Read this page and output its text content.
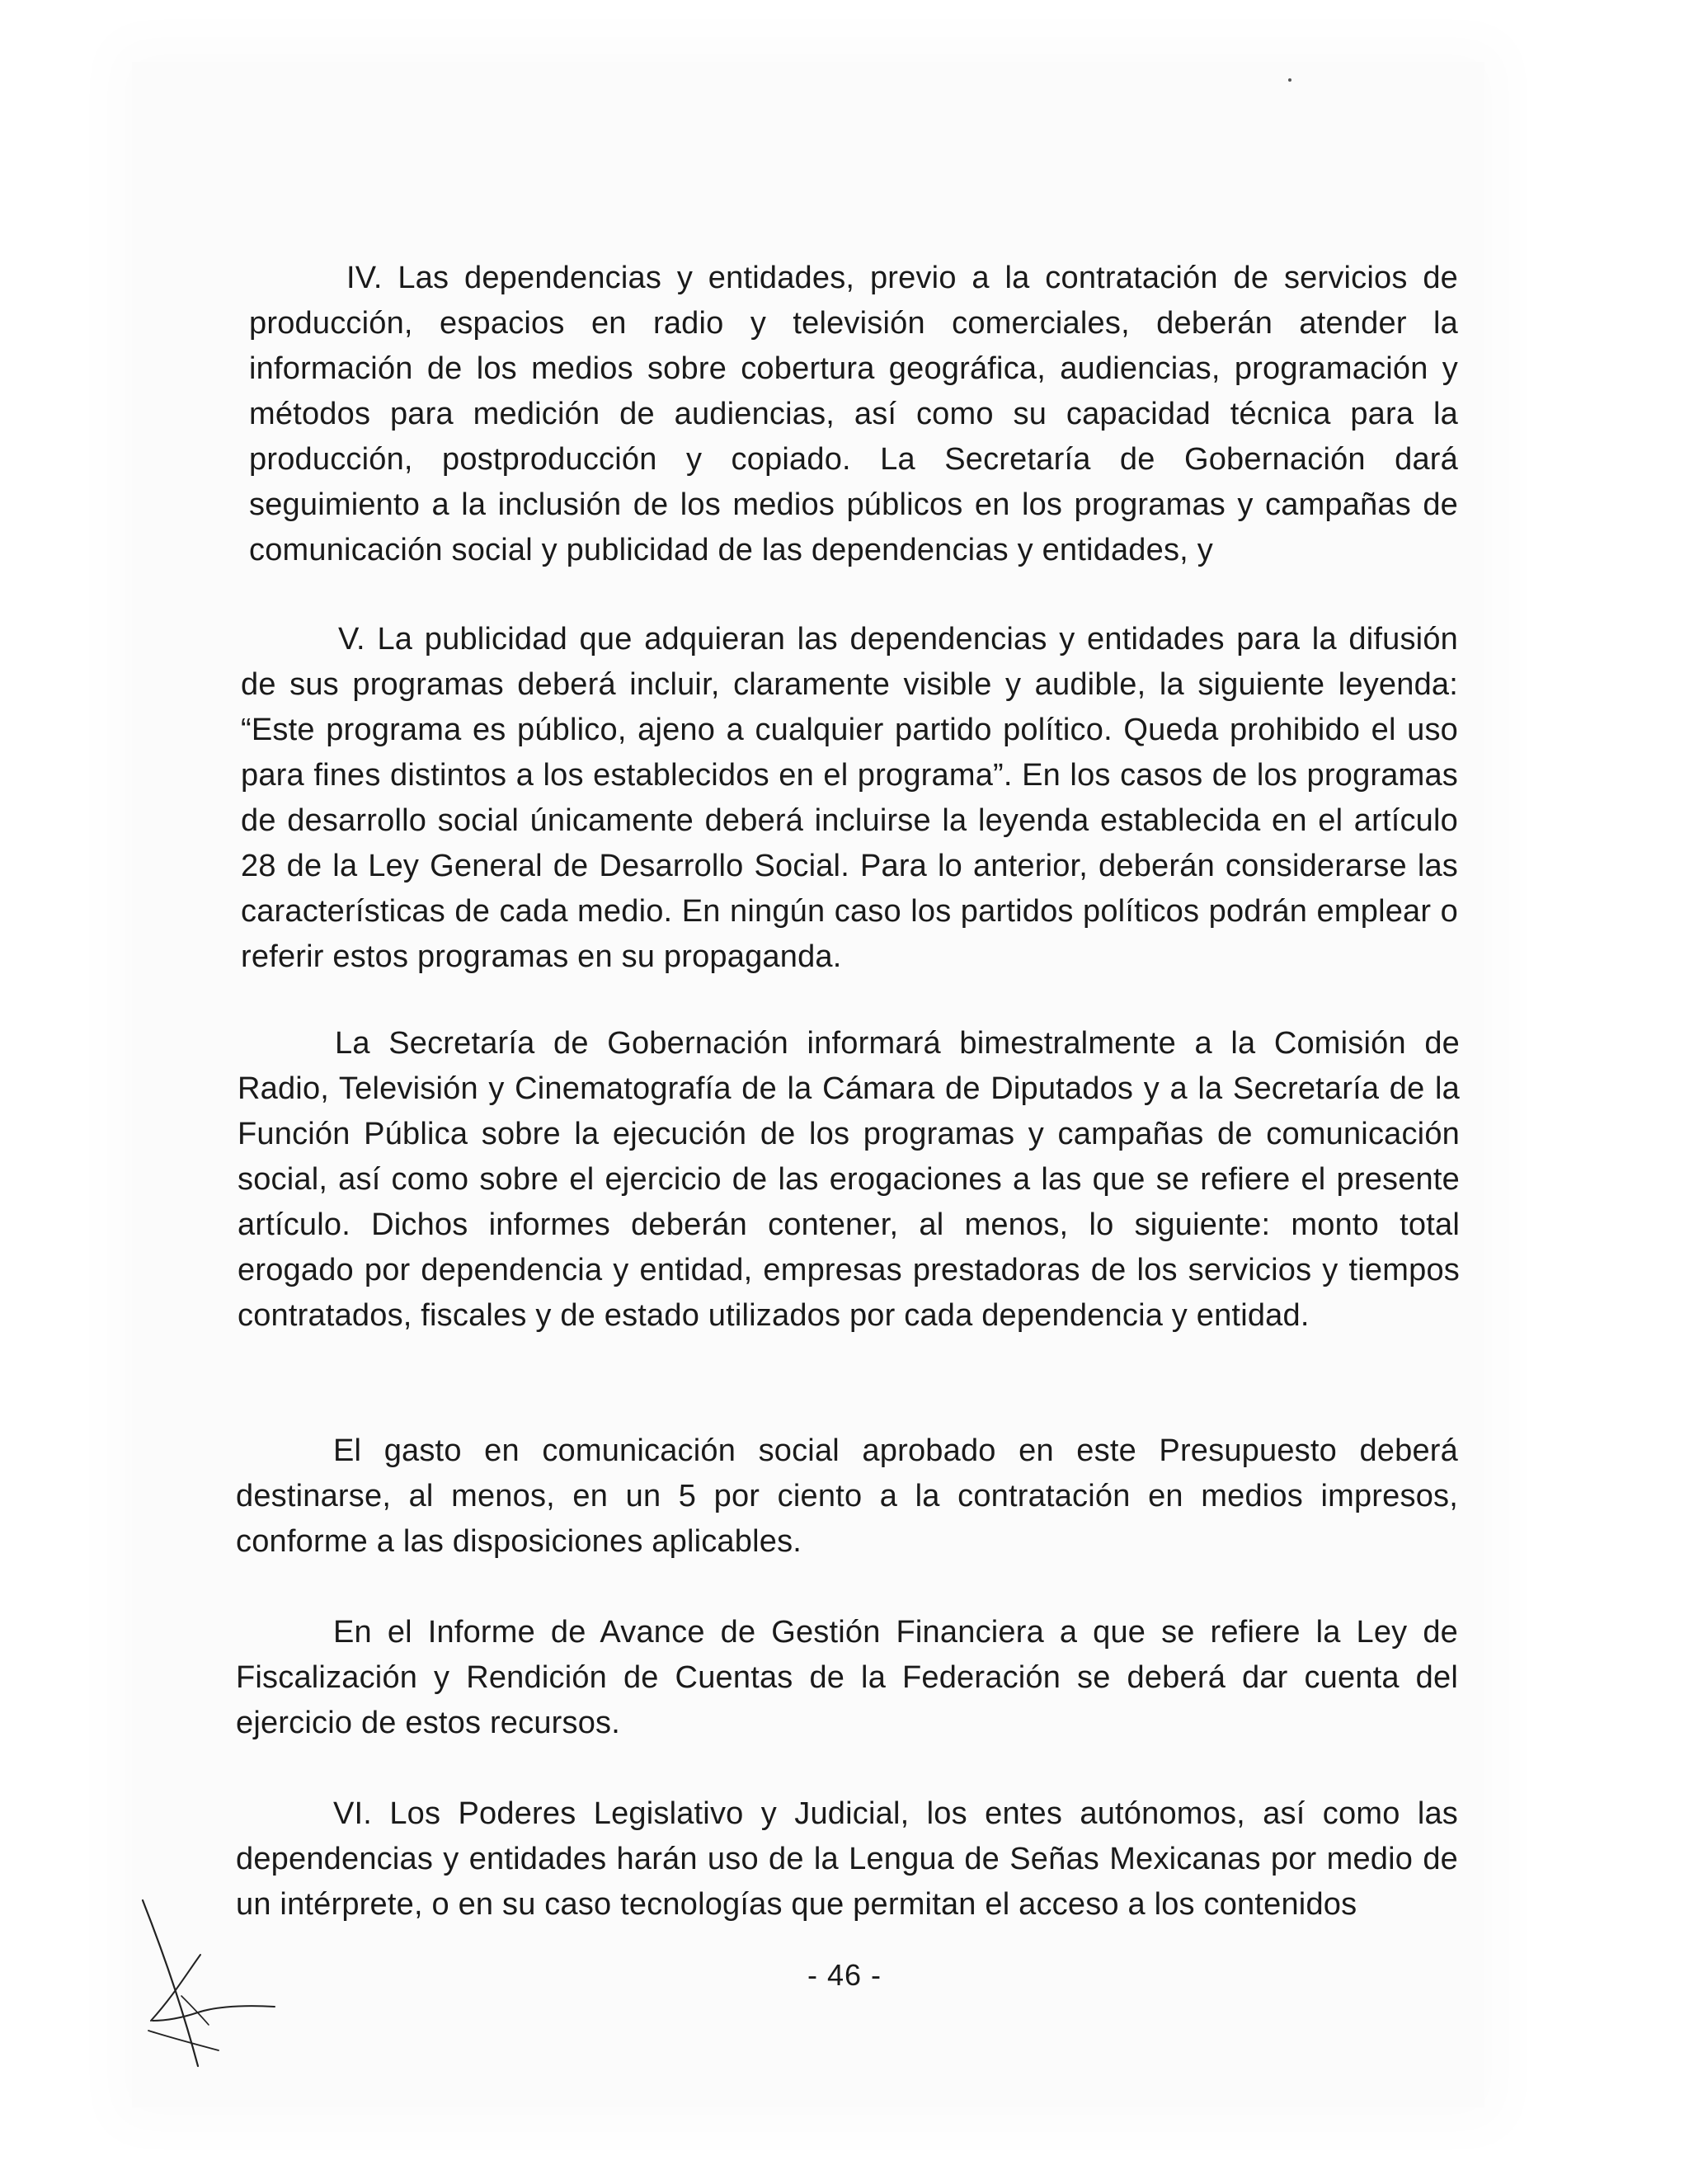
IV. Las dependencias y entidades, previo a la contratación de servicios de producción, espacios en radio y televisión comerciales, deberán atender la información de los medios sobre cobertura geográfica, audiencias, programación y métodos para medición de audiencias, así como su capacidad técnica para la producción, postproducción y copiado. La Secretaría de Gobernación dará seguimiento a la inclusión de los medios públicos en los programas y campañas de comunicación social y publicidad de las dependencias y entidades, y

V. La publicidad que adquieran las dependencias y entidades para la difusión de sus programas deberá incluir, claramente visible y audible, la siguiente leyenda: “Este programa es público, ajeno a cualquier partido político. Queda prohibido el uso para fines distintos a los establecidos en el programa”. En los casos de los programas de desarrollo social únicamente deberá incluirse la leyenda establecida en el artículo 28 de la Ley General de Desarrollo Social. Para lo anterior, deberán considerarse las características de cada medio. En ningún caso los partidos políticos podrán emplear o referir estos programas en su propaganda.

La Secretaría de Gobernación informará bimestralmente a la Comisión de Radio, Televisión y Cinematografía de la Cámara de Diputados y a la Secretaría de la Función Pública sobre la ejecución de los programas y campañas de comunicación social, así como sobre el ejercicio de las erogaciones a las que se refiere el presente artículo. Dichos informes deberán contener, al menos, lo siguiente: monto total erogado por dependencia y entidad, empresas prestadoras de los servicios y tiempos contratados, fiscales y de estado utilizados por cada dependencia y entidad.

El gasto en comunicación social aprobado en este Presupuesto deberá destinarse, al menos, en un 5 por ciento a la contratación en medios impresos, conforme a las disposiciones aplicables.

En el Informe de Avance de Gestión Financiera a que se refiere la Ley de Fiscalización y Rendición de Cuentas de la Federación se deberá dar cuenta del ejercicio de estos recursos.

VI. Los Poderes Legislativo y Judicial, los entes autónomos, así como las dependencias y entidades harán uso de la Lengua de Señas Mexicanas por medio de un intérprete, o en su caso tecnologías que permitan el acceso a los contenidos

- 46 -
